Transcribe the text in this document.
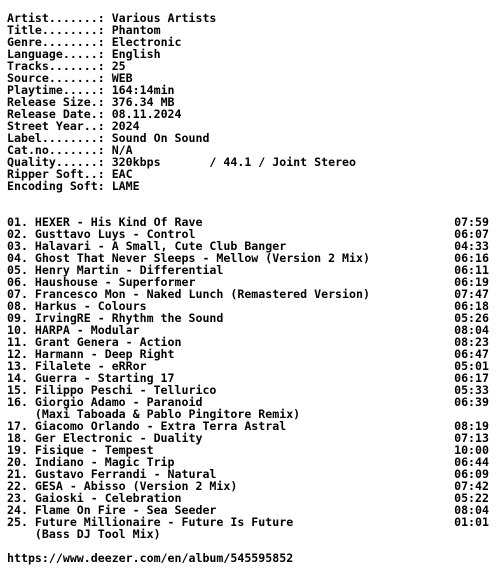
Artist.......: Various Artists
Title........: Phantom
Genre........: Electronic
Language.....: English
Tracks.......: 25
Source.......: WEB
Playtime.....: 164:14min
Release Size.: 376.34 MB
Release Date.: 08.11.2024
Street Year..: 2024
Label........: Sound On Sound
Cat.no.......: N/A
Quality......: 320kbps       / 44.1 / Joint Stereo
Ripper Soft..: EAC
Encoding Soft: LAME
01. HEXER - His Kind Of Rave	07:59
02. Gusttavo Luys - Control	06:07
03. Halavari - A Small, Cute Club Banger	04:33
04. Ghost That Never Sleeps - Mellow (Version 2 Mix)	06:16
05. Henry Martin - Differential	06:11
06. Haushouse - Superformer	06:19
07. Francesco Mon - Naked Lunch (Remastered Version)	07:47
08. Harkus - Colours	06:18
09. IrvingRE - Rhythm the Sound	05:26
10. HARPA - Modular	08:04
11. Grant Genera - Action	08:23
12. Harmann - Deep Right	06:47
13. Filalete - eRRor	05:01
14. Guerra - Starting 17	06:17
15. Filippo Peschi - Tellurico	05:33
16. Giorgio Adamo - Paranoid	06:39
(Maxi Taboada & Pablo Pingitore Remix)
17. Giacomo Orlando - Extra Terra Astral	08:19
18. Ger Electronic - Duality	07:13
19. Fisique - Tempest	10:00
20. Indiano - Magic Trip	06:44
21. Gustavo Ferrandi - Natural	06:09
22. GESA - Abisso (Version 2 Mix)	07:42
23. Gaioski - Celebration	05:22
24. Flame On Fire - Sea Seeder	08:04
25. Future Millionaire - Future Is Future	01:01
(Bass DJ Tool Mix)
https://www.deezer.com/en/album/545595852
